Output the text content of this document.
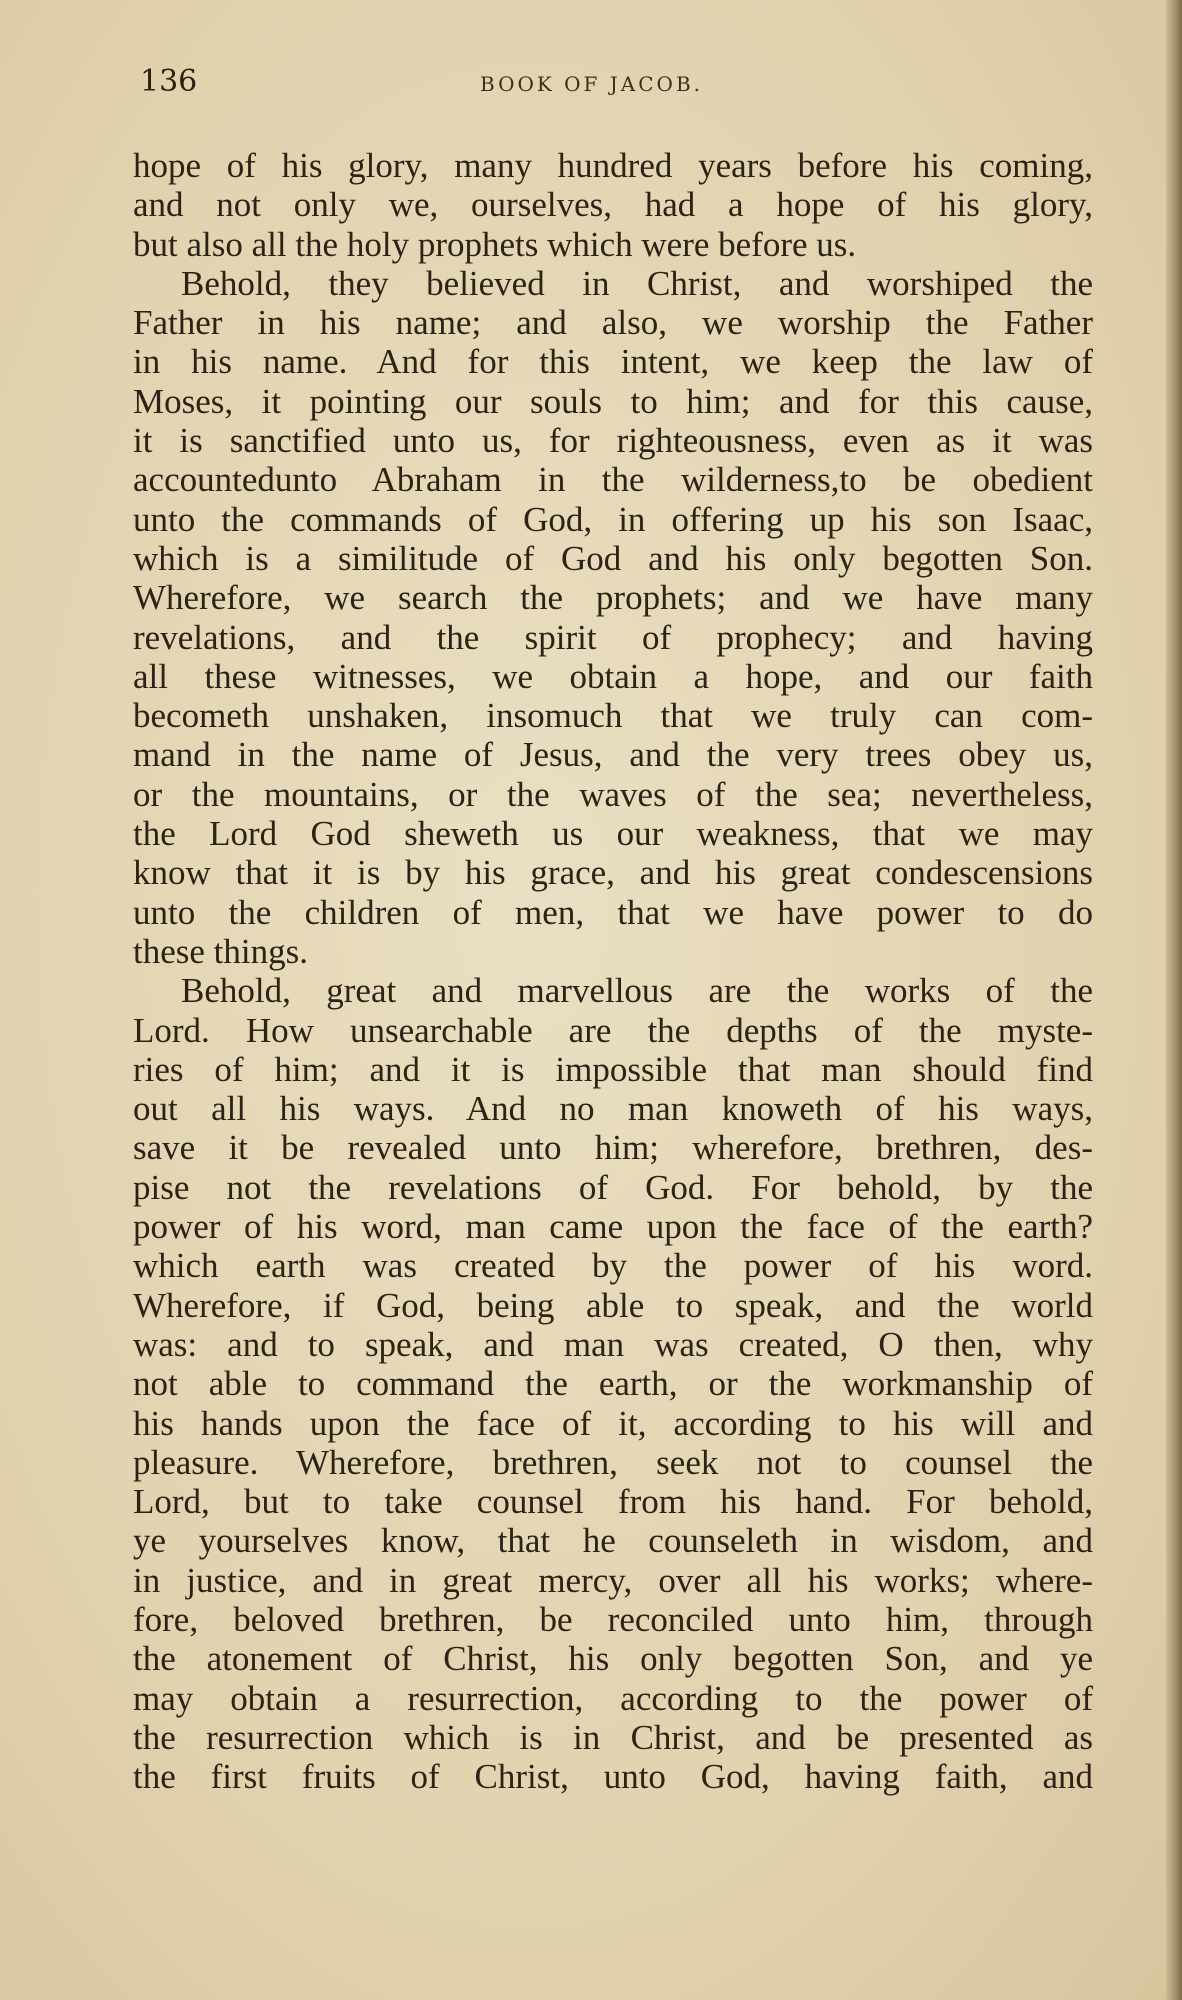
136	BOOK OF JACOB.
hope of his glory, many hundred years before his coming,
and not only we, ourselves, had a hope of his glory,
but also all the holy prophets which were before us.
Behold, they believed in Christ, and worshiped the
Father in his name; and also, we worship the Father
in his name. And for this intent, we keep the law of
Moses, it pointing our souls to him; and for this cause,
it is sanctified unto us, for righteousness, even as it was
accountedunto Abraham in the wilderness,to be obedient
unto the commands of God, in offering up his son Isaac,
which is a similitude of God and his only begotten Son.
Wherefore, we search the prophets; and we have many
revelations, and the spirit of prophecy; and having
all these witnesses, we obtain a hope, and our faith
becometh unshaken, insomuch that we truly can com-
mand in the name of Jesus, and the very trees obey us,
or the mountains, or the waves of the sea; nevertheless,
the Lord God sheweth us our weakness, that we may
know that it is by his grace, and his great condescensions
unto the children of men, that we have power to do
these things.
Behold, great and marvellous are the works of the
Lord. How unsearchable are the depths of the myste-
ries of him; and it is impossible that man should find
out all his ways. And no man knoweth of his ways,
save it be revealed unto him; wherefore, brethren, des-
pise not the revelations of God. For behold, by the
power of his word, man came upon the face of the earth?
which earth was created by the power of his word.
Wherefore, if God, being able to speak, and the world
was: and to speak, and man was created, O then, why
not able to command the earth, or the workmanship of
his hands upon the face of it, according to his will and
pleasure. Wherefore, brethren, seek not to counsel the
Lord, but to take counsel from his hand. For behold,
ye yourselves know, that he counseleth in wisdom, and
in justice, and in great mercy, over all his works; where-
fore, beloved brethren, be reconciled unto him, through
the atonement of Christ, his only begotten Son, and ye
may obtain a resurrection, according to the power of
the resurrection which is in Christ, and be presented as
the first fruits of Christ, unto God, having faith, and
